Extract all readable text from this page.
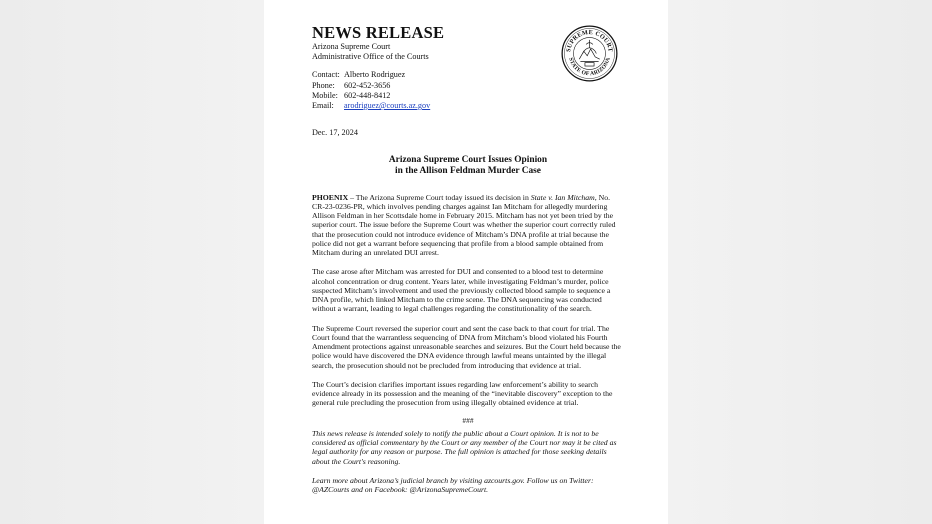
SUPREME COURT
STATE OF ARIZONA
NEWS RELEASE
Arizona Supreme Court
Administrative Office of the Courts
Contact: Alberto Rodriguez
Phone:	602-452-3656
Mobile: 602-448-8412
Email:	arodriguez@courts.az.gov
Dec. 17, 2024
Arizona Supreme Court Issues Opinion
in the Allison Feldman Murder Case

PHOENIX – The Arizona Supreme Court today issued its decision in State v. Ian Mitcham, No. CR-23-0236-PR, which involves pending charges against Ian Mitcham for allegedly murdering Allison Feldman in her Scottsdale home in February 2015. Mitcham has not yet been tried by the superior court. The issue before the Supreme Court was whether the superior court correctly ruled that the prosecution could not introduce evidence of Mitcham’s DNA profile at trial because the police did not get a warrant before sequencing that profile from a blood sample obtained from Mitcham during an unrelated DUI arrest.

The case arose after Mitcham was arrested for DUI and consented to a blood test to determine alcohol concentration or drug content. Years later, while investigating Feldman’s murder, police suspected Mitcham’s involvement and used the previously collected blood sample to sequence a DNA profile, which linked Mitcham to the crime scene. The DNA sequencing was conducted without a warrant, leading to legal challenges regarding the constitutionality of the search.

The Supreme Court reversed the superior court and sent the case back to that court for trial. The Court found that the warrantless sequencing of DNA from Mitcham’s blood violated his Fourth Amendment protections against unreasonable searches and seizures. But the Court held because the police would have discovered the DNA evidence through lawful means untainted by the illegal search, the prosecution should not be precluded from introducing that evidence at trial.

The Court’s decision clarifies important issues regarding law enforcement’s ability to search evidence already in its possession and the meaning of the “inevitable discovery” exception to the general rule precluding the prosecution from using illegally obtained evidence at trial.

###

This news release is intended solely to notify the public about a Court opinion. It is not to be considered as official commentary by the Court or any member of the Court nor may it be cited as legal authority for any reason or purpose. The full opinion is attached for those seeking details about the Court's reasoning.

Learn more about Arizona’s judicial branch by visiting azcourts.gov. Follow us on Twitter: @AZCourts and on Facebook: @ArizonaSupremeCourt.
